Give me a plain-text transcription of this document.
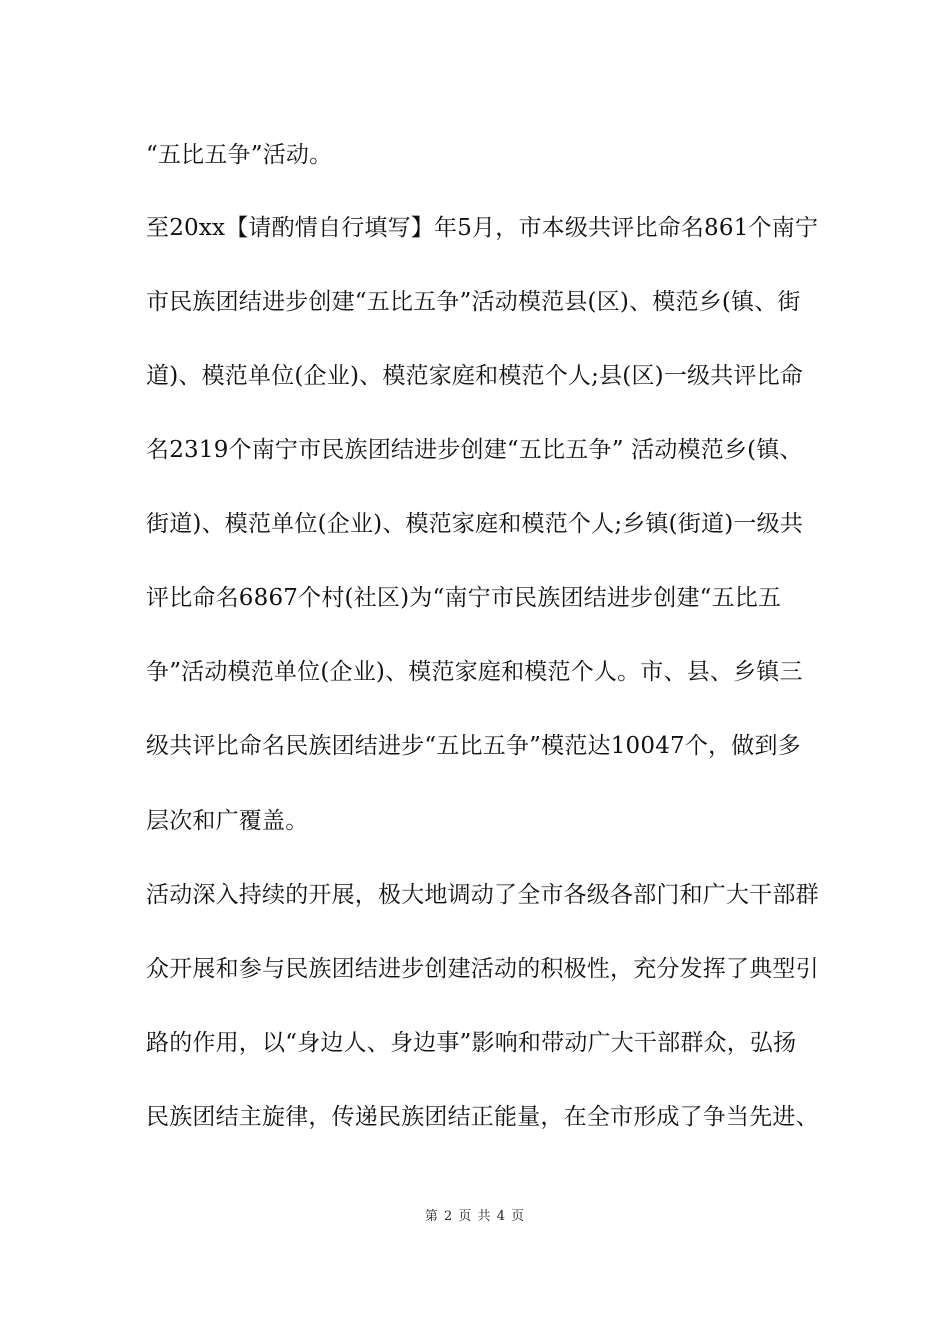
“五比五争”活动。
至20xx【请酌情自行填写】年5月，市本级共评比命名861个南宁
市民族团结进步创建“五比五争”活动模范县(区)、模范乡(镇、街
道)、模范单位(企业)、模范家庭和模范个人;县(区)一级共评比命
名2319个南宁市民族团结进步创建“五比五争” 活动模范乡(镇、
街道)、模范单位(企业)、模范家庭和模范个人;乡镇(街道)一级共
评比命名6867个村(社区)为“南宁市民族团结进步创建“五比五
争”活动模范单位(企业)、模范家庭和模范个人。市、县、乡镇三
级共评比命名民族团结进步“五比五争”模范达10047个，做到多
层次和广覆盖。
活动深入持续的开展，极大地调动了全市各级各部门和广大干部群
众开展和参与民族团结进步创建活动的积极性，充分发挥了典型引
路的作用，以“身边人、身边事”影响和带动广大干部群众，弘扬
民族团结主旋律，传递民族团结正能量，在全市形成了争当先进、
第 2 页 共 4 页
